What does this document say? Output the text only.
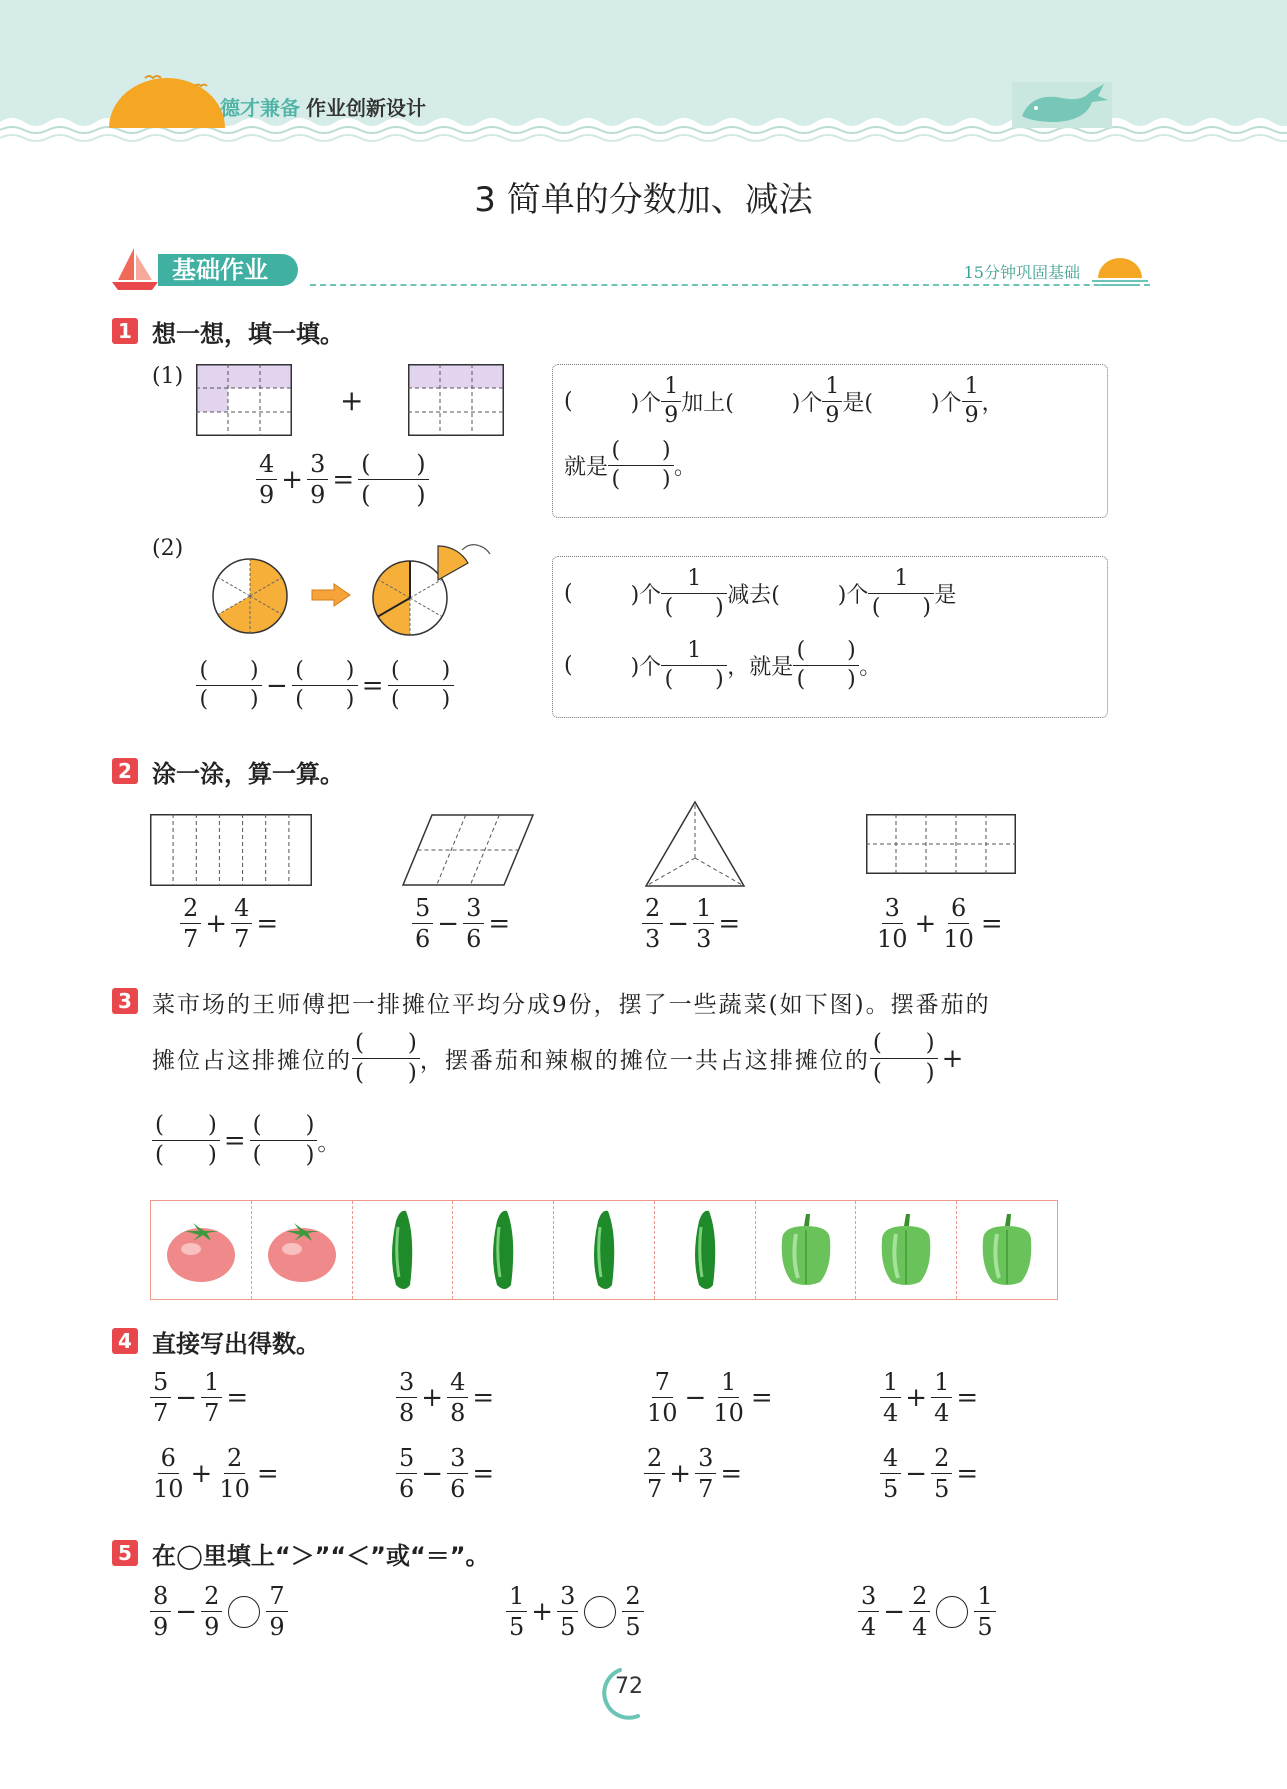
德才兼备 作业创新设计
3 简单的分数加、减法
基础作业	15分钟巩固基础
1 想一想，填一填。
(1)
+
$\frac{4}{9} + \frac{3}{9} = \frac{( )}{( )}$
(	)个 $\frac{1}{9}$ 加上(	)个 $\frac{1}{9}$ 是(	)个 $\frac{1}{9}$ ，
就是 $\frac{( )}{( )}$ 。
(2)
$\frac{( )}{( )} - \frac{( )}{( )} = \frac{( )}{( )}$
(	)个 $\frac{1}{( )}$ 减去(	)个 $\frac{1}{( )}$ 是
(	)个 $\frac{1}{( )}$ ，就是 $\frac{( )}{( )}$ 。
2 涂一涂，算一算。
$\frac{2}{7} + \frac{4}{7}$ =	$\frac{5}{6} - \frac{3}{6}$ =	$\frac{2}{3} - \frac{1}{3}$ =	$\frac{3}{10} + \frac{6}{10}$ =
3 菜市场的王师傅把一排摊位平均分成9份，摆了一些蔬菜(如下图)。摆番茄的
摊位占这排摊位的 $\frac{( )}{( )}$ ，摆番茄和辣椒的摊位一共占这排摊位的 $\frac{( )}{( )}$ +
$\frac{( )}{( )} = \frac{( )}{( )}$ 。
4 直接写出得数。
$\frac{5}{7} - \frac{1}{7}$ =	$\frac{3}{8} + \frac{4}{8}$ =	$\frac{7}{10} - \frac{1}{10}$ =	$\frac{1}{4} + \frac{1}{4}$ =
$\frac{6}{10} + \frac{2}{10}$ =	$\frac{5}{6} - \frac{3}{6}$ =	$\frac{2}{7} + \frac{3}{7}$ =	$\frac{4}{5} - \frac{2}{5}$ =
5 在◯里填上“＞”“＜”或“＝”。
$\frac{8}{9} - \frac{2}{9} \frac{7}{9}$	$\frac{1}{5} + \frac{3}{5} \frac{2}{5}$	$\frac{3}{4} - \frac{2}{4} \frac{1}{5}$
72
